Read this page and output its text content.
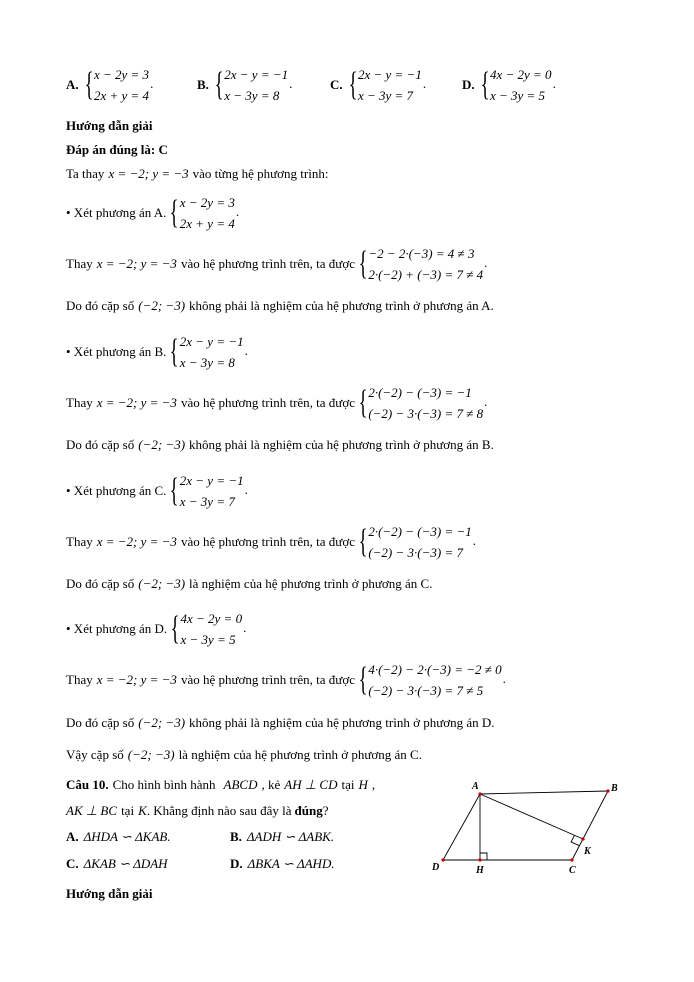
A. { x − 2y = 3
2x + y = 4
.	B. { 2x − y = −1
x − 3y = 8
.	C. { 2x − y = −1
x − 3y = 7
.	D. { 4x − 2y = 0
x − 3y = 5
.
Hướng dẫn giải
Đáp án đúng là: C
Ta thay x = −2; y = −3 vào từng hệ phương trình:
• Xét phương án A. { x − 2y = 3
2x + y = 4
.
Thay x = −2; y = −3 vào hệ phương trình trên, ta được { −2 − 2·(−3) = 4 ≠ 3
2·(−2) + (−3) = 7 ≠ 4
.
Do đó cặp số (−2; −3) không phải là nghiệm của hệ phương trình ở phương án A.
• Xét phương án B. { 2x − y = −1
x − 3y = 8
.
Thay x = −2; y = −3 vào hệ phương trình trên, ta được { 2·(−2) − (−3) = −1
(−2) − 3·(−3) = 7 ≠ 8
.
Do đó cặp số (−2; −3) không phải là nghiệm của hệ phương trình ở phương án B.
• Xét phương án C. { 2x − y = −1
x − 3y = 7
.
Thay x = −2; y = −3 vào hệ phương trình trên, ta được { 2·(−2) − (−3) = −1
(−2) − 3·(−3) = 7
.
Do đó cặp số (−2; −3) là nghiệm của hệ phương trình ở phương án C.
• Xét phương án D. { 4x − 2y = 0
x − 3y = 5
.
Thay x = −2; y = −3 vào hệ phương trình trên, ta được { 4·(−2) − 2·(−3) = −2 ≠ 0
(−2) − 3·(−3) = 7 ≠ 5
.
Do đó cặp số (−2; −3) không phải là nghiệm của hệ phương trình ở phương án D.
Vậy cặp số (−2; −3) là nghiệm của hệ phương trình ở phương án C.
Câu 10. Cho hình bình hành ABCD , kẻ AH ⊥ CD tại H ,
AK ⊥ BC tại K . Khẳng định nào sau đây là đúng ?
A. ΔHDA ∽ ΔKAB.	B. ΔADH ∽ ΔABK.
C. ΔKAB ∽ ΔDAH	D. ΔBKA ∽ ΔAHD.
Hướng dẫn giải
A	B
C
D	H
K
